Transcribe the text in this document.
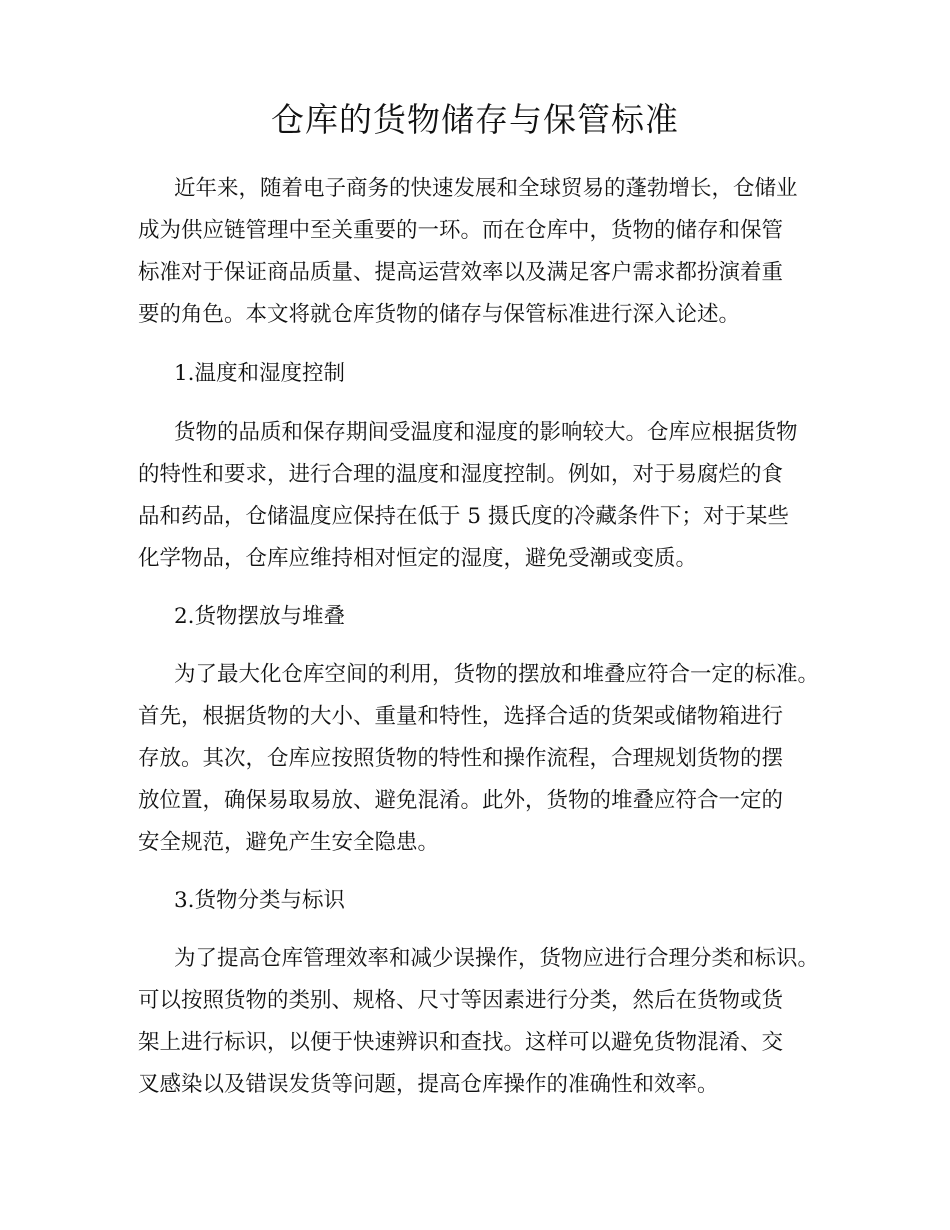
仓库的货物储存与保管标准
近年来，随着电子商务的快速发展和全球贸易的蓬勃增长，仓储业
成为供应链管理中至关重要的一环。而在仓库中，货物的储存和保管
标准对于保证商品质量、提高运营效率以及满足客户需求都扮演着重
要的角色。本文将就仓库货物的储存与保管标准进行深入论述。
1.温度和湿度控制
货物的品质和保存期间受温度和湿度的影响较大。仓库应根据货物
的特性和要求，进行合理的温度和湿度控制。例如，对于易腐烂的食
品和药品，仓储温度应保持在低于 5 摄氏度的冷藏条件下；对于某些
化学物品，仓库应维持相对恒定的湿度，避免受潮或变质。
2.货物摆放与堆叠
为了最大化仓库空间的利用，货物的摆放和堆叠应符合一定的标准。
首先，根据货物的大小、重量和特性，选择合适的货架或储物箱进行
存放。其次，仓库应按照货物的特性和操作流程，合理规划货物的摆
放位置，确保易取易放、避免混淆。此外，货物的堆叠应符合一定的
安全规范，避免产生安全隐患。
3.货物分类与标识
为了提高仓库管理效率和减少误操作，货物应进行合理分类和标识。
可以按照货物的类别、规格、尺寸等因素进行分类，然后在货物或货
架上进行标识，以便于快速辨识和查找。这样可以避免货物混淆、交
叉感染以及错误发货等问题，提高仓库操作的准确性和效率。
